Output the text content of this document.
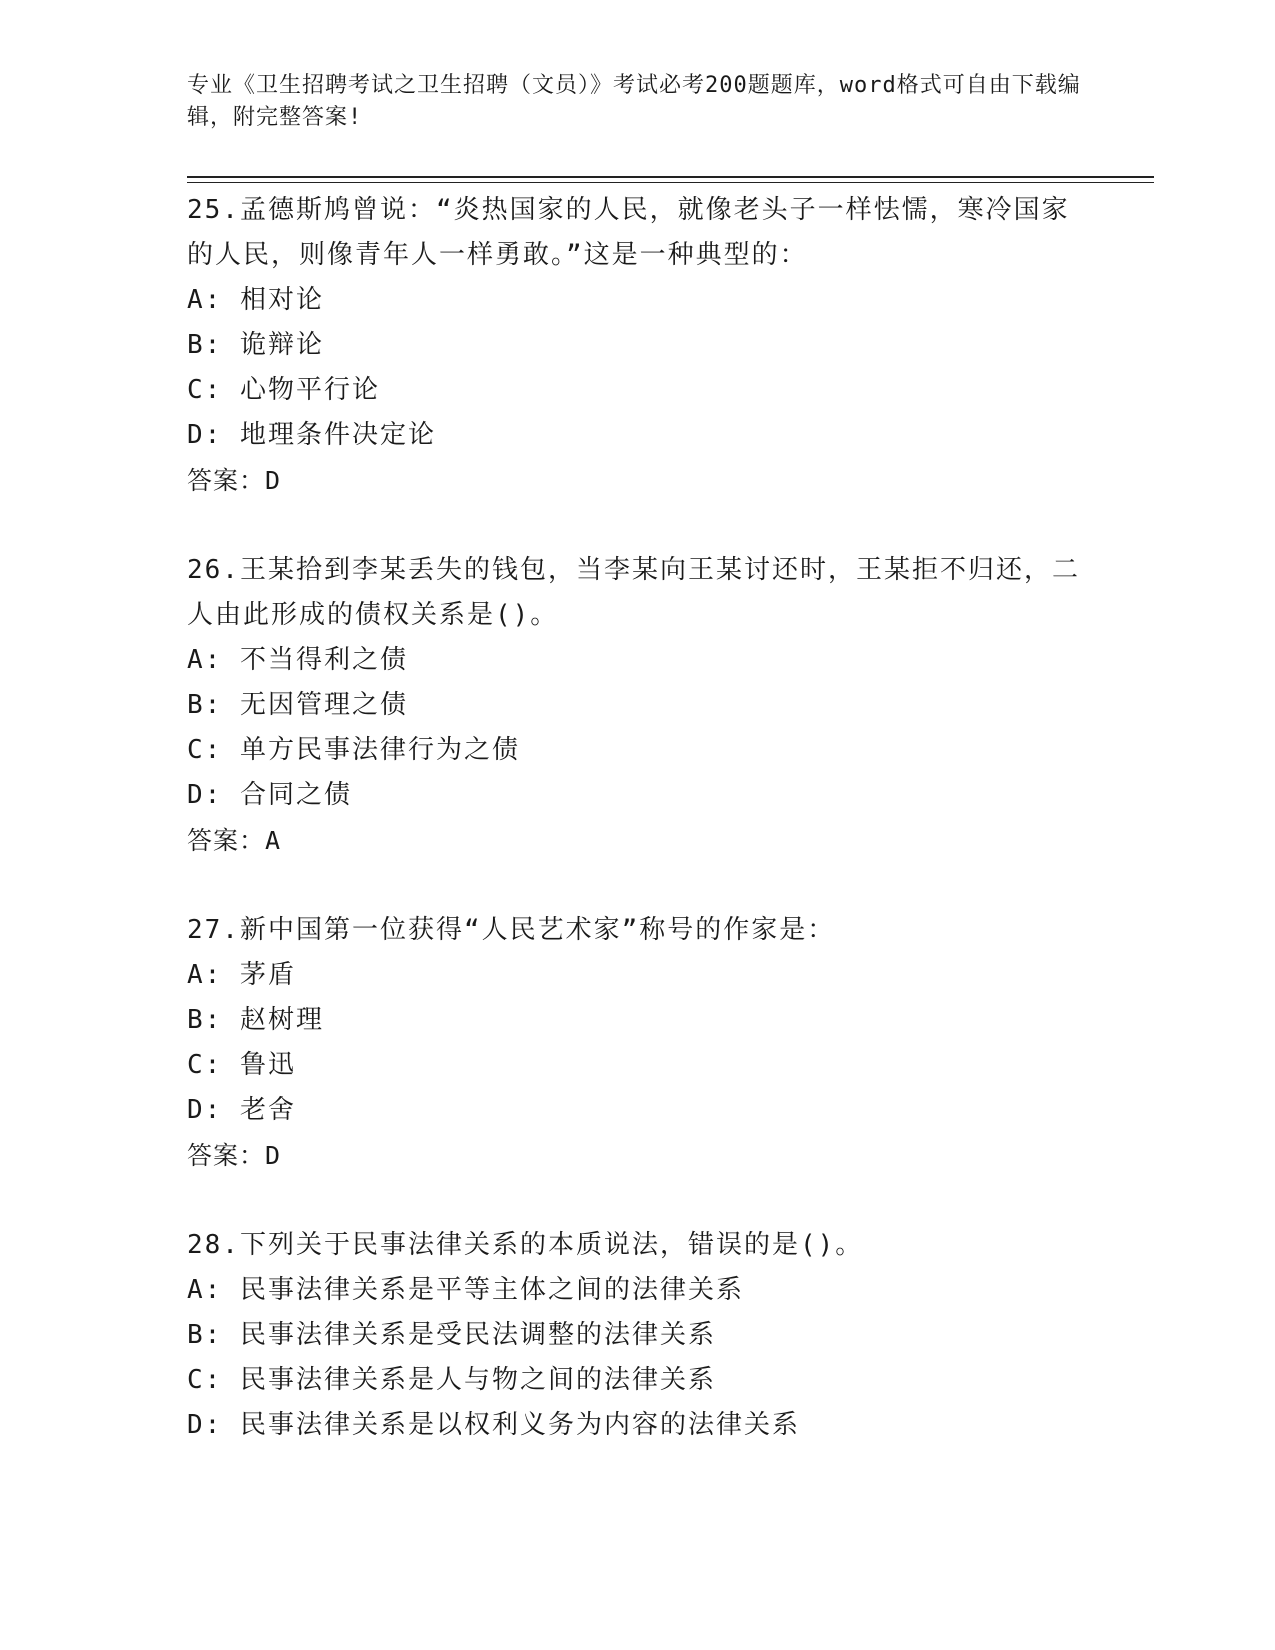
专业《卫生招聘考试之卫生招聘（文员）》考试必考200题题库，word格式可自由下载编辑，附完整答案!
25.孟德斯鸠曾说：“炎热国家的人民，就像老头子一样怯懦，寒冷国家的人民，则像青年人一样勇敢。”这是一种典型的：
A: 相对论
B: 诡辩论
C: 心物平行论
D: 地理条件决定论
答案：D
26.王某拾到李某丢失的钱包，当李某向王某讨还时，王某拒不归还，二人由此形成的债权关系是()。
A: 不当得利之债
B: 无因管理之债
C: 单方民事法律行为之债
D: 合同之债
答案：A
27.新中国第一位获得“人民艺术家”称号的作家是：
A: 茅盾
B: 赵树理
C: 鲁迅
D: 老舍
答案：D
28.下列关于民事法律关系的本质说法，错误的是()。
A: 民事法律关系是平等主体之间的法律关系
B: 民事法律关系是受民法调整的法律关系
C: 民事法律关系是人与物之间的法律关系
D: 民事法律关系是以权利义务为内容的法律关系
